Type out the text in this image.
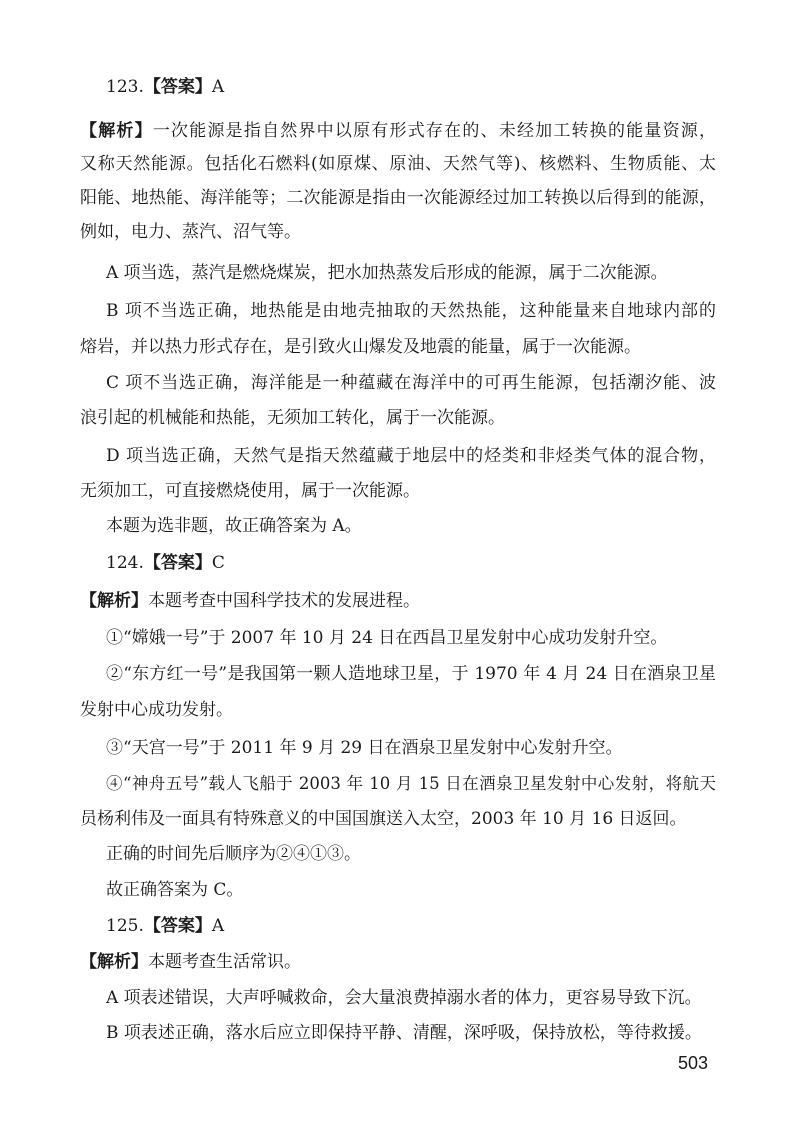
123.【答案】A
【解析】一次能源是指自然界中以原有形式存在的、未经加工转换的能量资源，
又称天然能源。包括化石燃料(如原煤、原油、天然气等)、核燃料、生物质能、太
阳能、地热能、海洋能等；二次能源是指由一次能源经过加工转换以后得到的能源，
例如，电力、蒸汽、沼气等。
A 项当选，蒸汽是燃烧煤炭，把水加热蒸发后形成的能源，属于二次能源。
B 项不当选正确，地热能是由地壳抽取的天然热能，这种能量来自地球内部的
熔岩，并以热力形式存在，是引致火山爆发及地震的能量，属于一次能源。
C 项不当选正确，海洋能是一种蕴藏在海洋中的可再生能源，包括潮汐能、波
浪引起的机械能和热能，无须加工转化，属于一次能源。
D 项当选正确，天然气是指天然蕴藏于地层中的烃类和非烃类气体的混合物，
无须加工，可直接燃烧使用，属于一次能源。
本题为选非题，故正确答案为 A。
124.【答案】C
【解析】本题考查中国科学技术的发展进程。
①“嫦娥一号”于 2007 年 10 月 24 日在西昌卫星发射中心成功发射升空。
②“东方红一号”是我国第一颗人造地球卫星，于 1970 年 4 月 24 日在酒泉卫星
发射中心成功发射。
③“天宫一号”于 2011 年 9 月 29 日在酒泉卫星发射中心发射升空。
④“神舟五号”载人飞船于 2003 年 10 月 15 日在酒泉卫星发射中心发射，将航天
员杨利伟及一面具有特殊意义的中国国旗送入太空，2003 年 10 月 16 日返回。
正确的时间先后顺序为②④①③。
故正确答案为 C。
125.【答案】A
【解析】本题考查生活常识。
A 项表述错误，大声呼喊救命，会大量浪费掉溺水者的体力，更容易导致下沉。
B 项表述正确，落水后应立即保持平静、清醒，深呼吸，保持放松，等待救援。
503
